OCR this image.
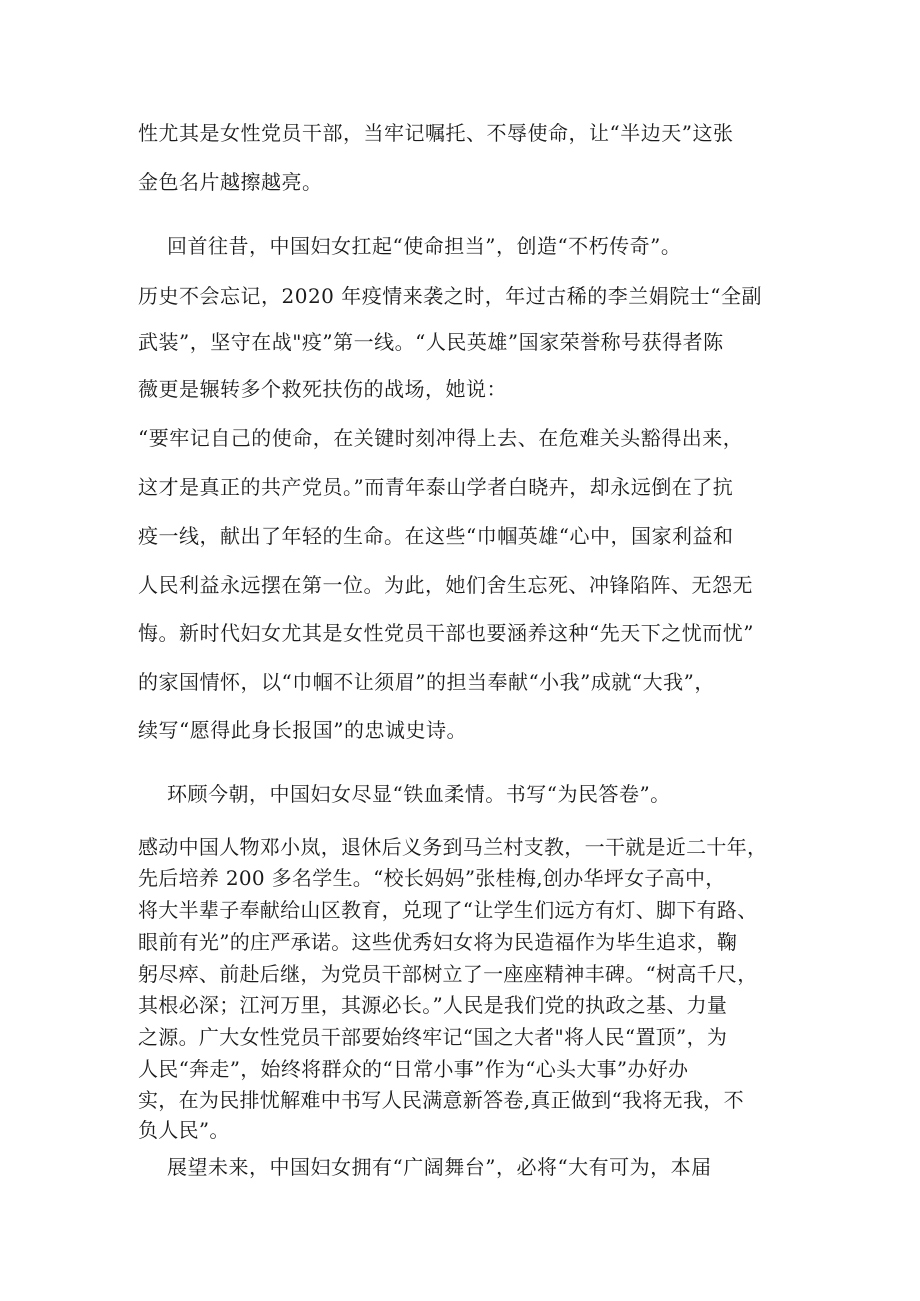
性尤其是女性党员干部，当牢记嘱托、不辱使命，让“半边天”这张
金色名片越擦越亮。
回首往昔，中国妇女扛起“使命担当”，创造“不朽传奇”。
历史不会忘记，2020 年疫情来袭之时，年过古稀的李兰娟院士“全副
武装”，坚守在战"疫”第一线。“人民英雄”国家荣誉称号获得者陈
薇更是辗转多个救死扶伤的战场，她说：
“要牢记自己的使命，在关键时刻冲得上去、在危难关头豁得出来，
这才是真正的共产党员。”而青年泰山学者白晓卉，却永远倒在了抗
疫一线，献出了年轻的生命。在这些“巾帼英雄“心中，国家利益和
人民利益永远摆在第一位。为此，她们舍生忘死、冲锋陷阵、无怨无
悔。新时代妇女尤其是女性党员干部也要涵养这种“先天下之忧而忧”
的家国情怀，以“巾帼不让须眉”的担当奉献“小我”成就“大我”，
续写“愿得此身长报国”的忠诚史诗。
环顾今朝，中国妇女尽显“铁血柔情。书写“为民答卷”。
感动中国人物邓小岚，退休后义务到马兰村支教，一干就是近二十年，
先后培养 200 多名学生。“校长妈妈”张桂梅,创办华坪女子高中，
将大半辈子奉献给山区教育，兑现了“让学生们远方有灯、脚下有路、
眼前有光”的庄严承诺。这些优秀妇女将为民造福作为毕生追求，鞠
躬尽瘁、前赴后继，为党员干部树立了一座座精神丰碑。“树高千尺，
其根必深；江河万里，其源必长。”人民是我们党的执政之基、力量
之源。广大女性党员干部要始终牢记“国之大者"将人民“置顶”，为
人民“奔走”，始终将群众的“日常小事”作为“心头大事”办好办
实，在为民排忧解难中书写人民满意新答卷,真正做到“我将无我，不
负人民”。
展望未来，中国妇女拥有“广阔舞台”，必将“大有可为，本届
